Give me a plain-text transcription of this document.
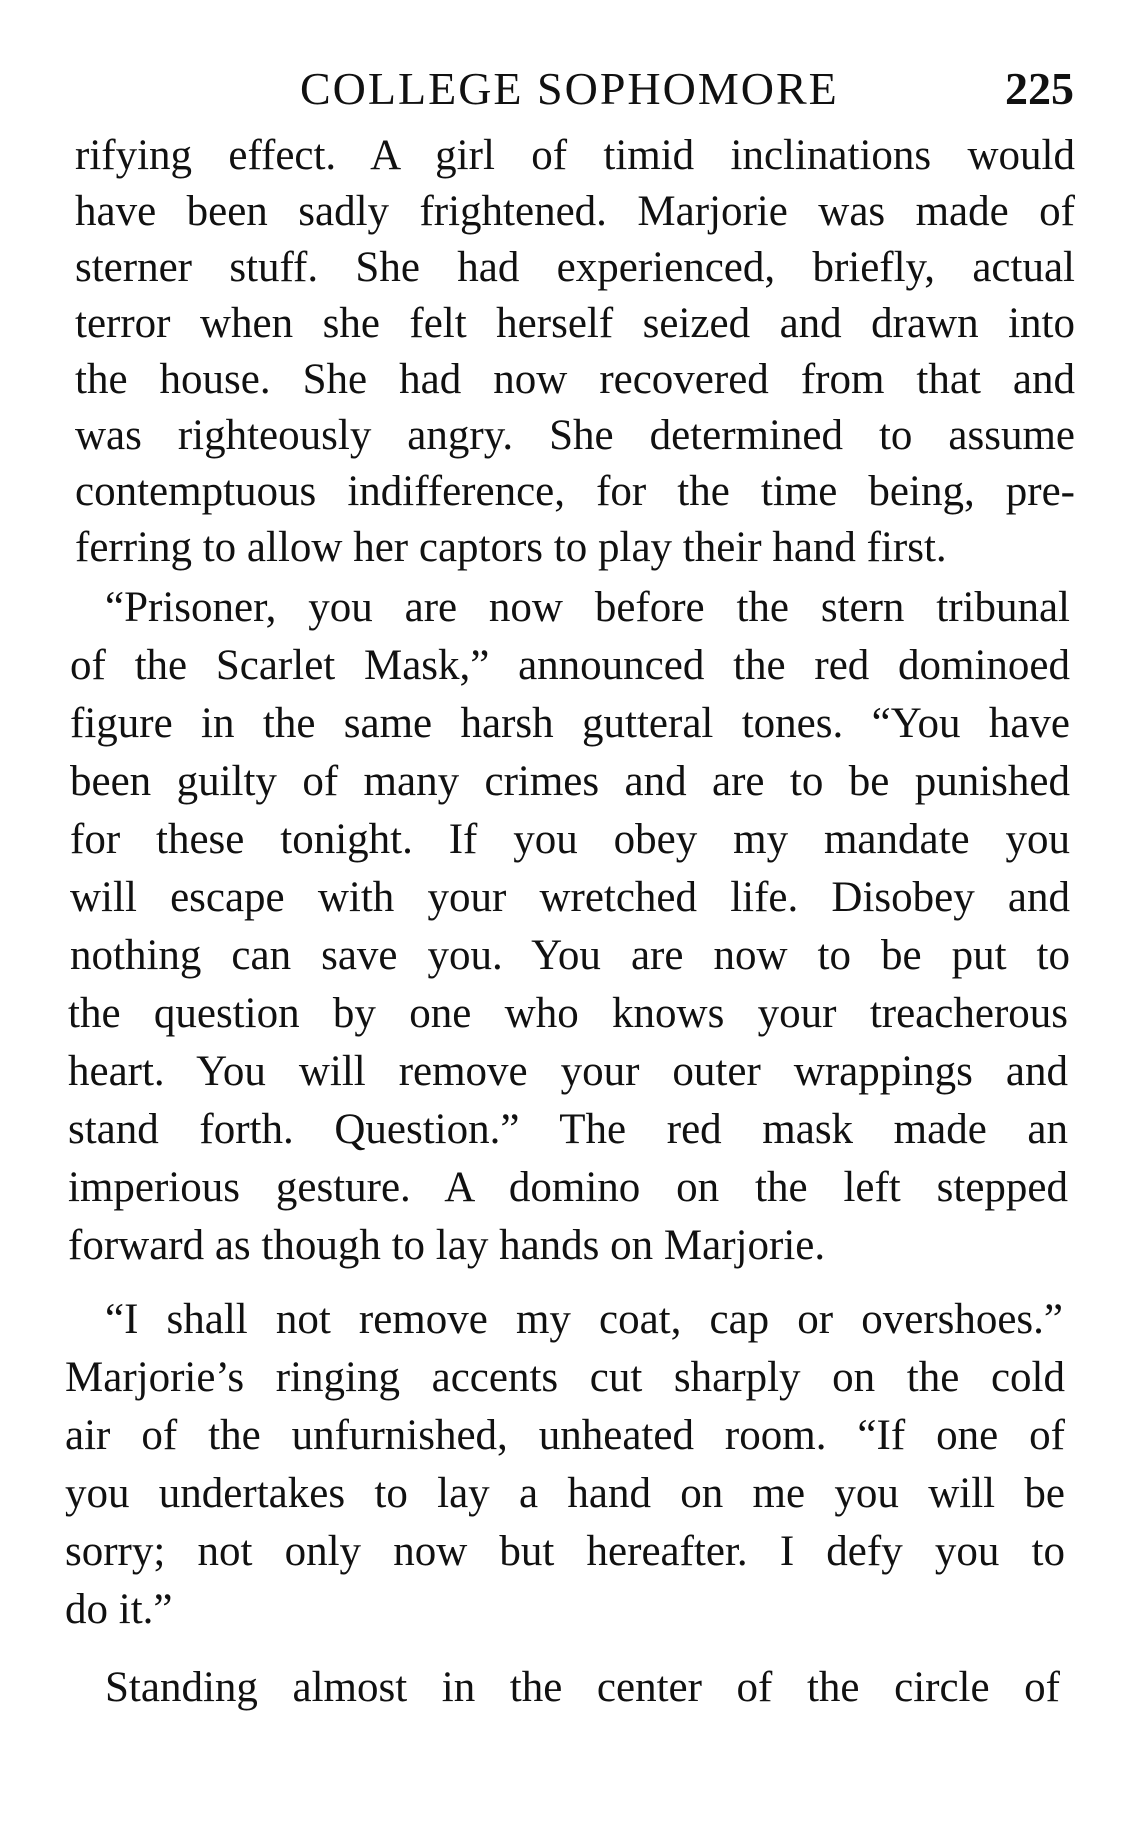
COLLEGE SOPHOMORE	225
rifying effect. A girl of timid inclinations would
have been sadly frightened. Marjorie was made of
sterner stuff. She had experienced, briefly, actual
terror when she felt herself seized and drawn into
the house. She had now recovered from that and
was righteously angry. She determined to assume
contemptuous indifference, for the time being, pre-
ferring to allow her captors to play their hand first.
“Prisoner, you are now before the stern tribunal
of the Scarlet Mask,” announced the red dominoed
figure in the same harsh gutteral tones. “You have
been guilty of many crimes and are to be punished
for these tonight. If you obey my mandate you
will escape with your wretched life. Disobey and
nothing can save you. You are now to be put to
the question by one who knows your treacherous
heart. You will remove your outer wrappings and
stand forth. Question.” The red mask made an
imperious gesture. A domino on the left stepped
forward as though to lay hands on Marjorie.
“I shall not remove my coat, cap or overshoes.”
Marjorie’s ringing accents cut sharply on the cold
air of the unfurnished, unheated room. “If one of
you undertakes to lay a hand on me you will be
sorry; not only now but hereafter. I defy you to
do it.”
Standing almost in the center of the circle of
